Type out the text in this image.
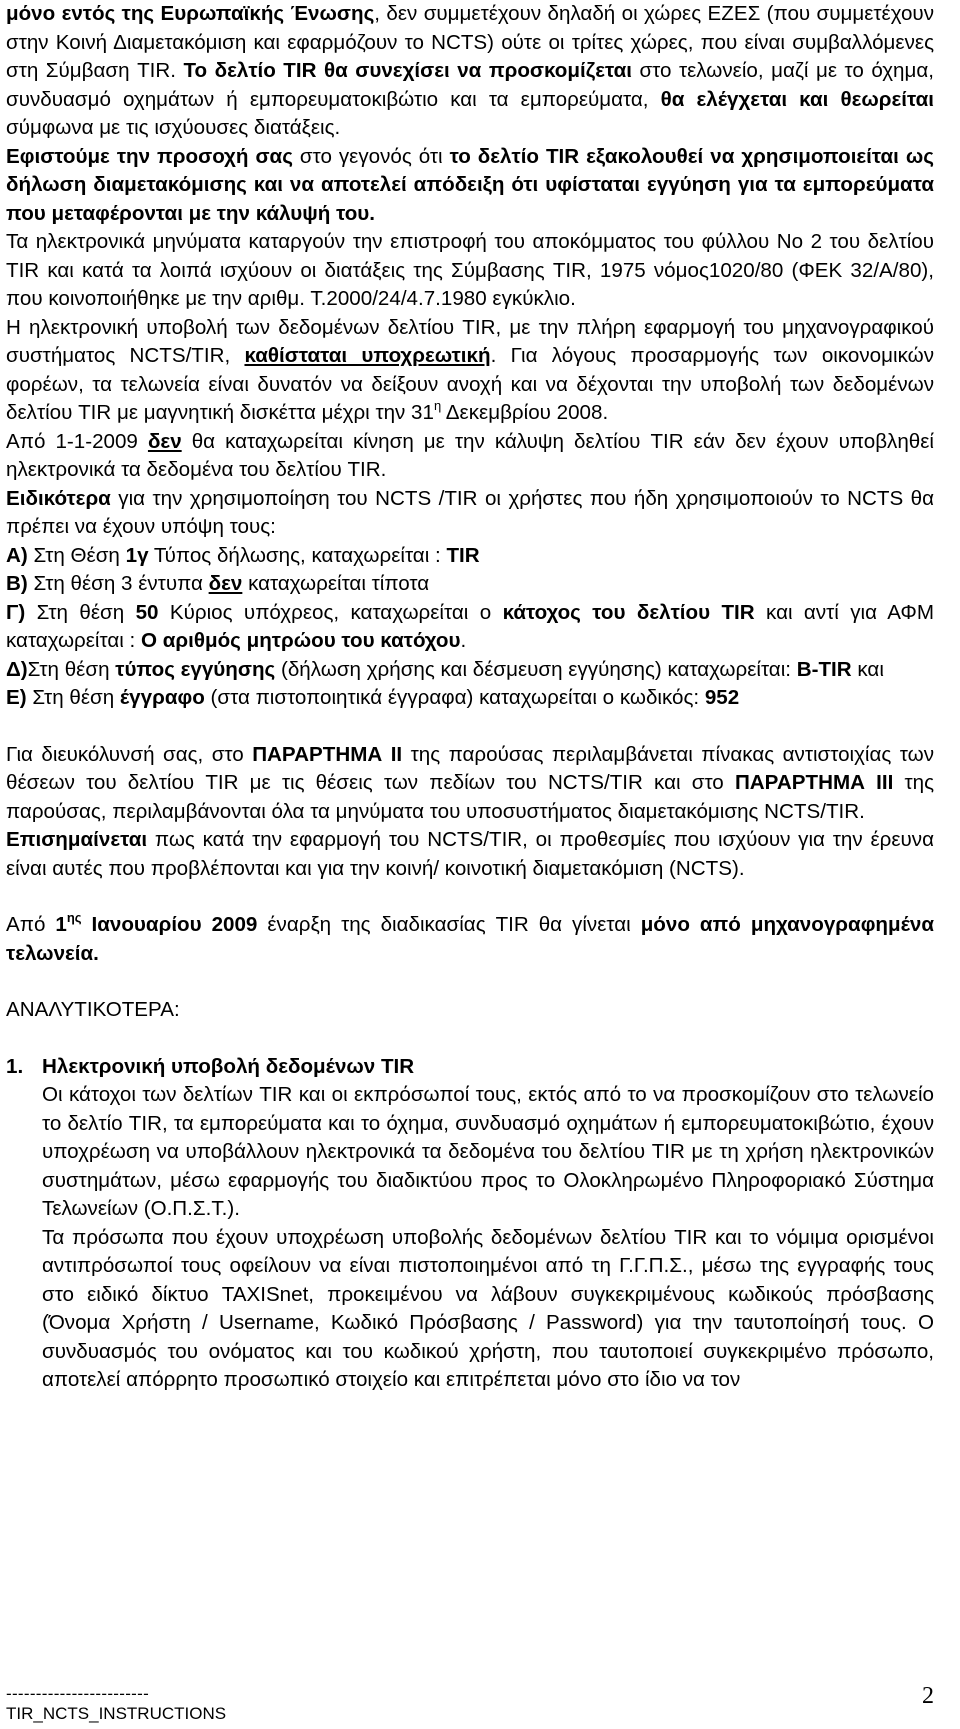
μόνο εντός της Ευρωπαϊκής Ένωσης, δεν συμμετέχουν δηλαδή οι χώρες ΕΖΕΣ (που συμμετέχουν στην Κοινή Διαμετακόμιση και εφαρμόζουν το NCTS) ούτε οι τρίτες χώρες, που είναι συμβαλλόμενες στη Σύμβαση TIR. Το δελτίο TIR θα συνεχίσει να προσκομίζεται στο τελωνείο, μαζί με το όχημα, συνδυασμό οχημάτων ή εμπορευματοκιβώτιο και τα εμπορεύματα, θα ελέγχεται και θεωρείται σύμφωνα με τις ισχύουσες διατάξεις.

Εφιστούμε την προσοχή σας στο γεγονός ότι το δελτίο TIR εξακολουθεί να χρησιμοποιείται ως δήλωση διαμετακόμισης και να αποτελεί απόδειξη ότι υφίσταται εγγύηση για τα εμπορεύματα που μεταφέρονται με την κάλυψή του.

Τα ηλεκτρονικά μηνύματα καταργούν την επιστροφή του αποκόμματος του φύλλου Νο 2 του δελτίου TIR και κατά τα λοιπά ισχύουν οι διατάξεις της Σύμβασης TIR, 1975 νόμος1020/80 (ΦΕΚ 32/Α/80), που κοινοποιήθηκε με την αριθμ. Τ.2000/24/4.7.1980 εγκύκλιο.

Η ηλεκτρονική υποβολή των δεδομένων δελτίου TIR, με την πλήρη εφαρμογή του μηχανογραφικού συστήματος NCTS/TIR, καθίσταται υποχρεωτική. Για λόγους προσαρμογής των οικονομικών φορέων, τα τελωνεία είναι δυνατόν να δείξουν ανοχή και να δέχονται την υποβολή των δεδομένων δελτίου TIR με μαγνητική δισκέττα μέχρι την $31^\eta$ Δεκεμβρίου 2008.

Από 1-1-2009 δεν θα καταχωρείται κίνηση με την κάλυψη δελτίου TIR εάν δεν έχουν υποβληθεί ηλεκτρονικά τα δεδομένα του δελτίου TIR.

Ειδικότερα για την χρησιμοποίηση του NCTS /TIR οι χρήστες που ήδη χρησιμοποιούν το NCTS θα πρέπει να έχουν υπόψη τους:

Α) Στη Θέση 1γ Τύπος δήλωσης, καταχωρείται : TIR

Β) Στη θέση 3 έντυπα δεν καταχωρείται τίποτα

Γ) Στη θέση 50 Κύριος υπόχρεος, καταχωρείται ο κάτοχος του δελτίου TIR και αντί για ΑΦΜ καταχωρείται : Ο αριθμός μητρώου του κατόχου.

Δ)Στη θέση τύπος εγγύησης (δήλωση χρήσης και δέσμευση εγγύησης) καταχωρείται: B-TIR και

Ε) Στη θέση έγγραφο (στα πιστοποιητικά έγγραφα) καταχωρείται ο κωδικός: 952

Για διευκόλυνσή σας, στο ΠΑΡΑΡΤΗΜΑ ΙΙ της παρούσας περιλαμβάνεται πίνακας αντιστοιχίας των θέσεων του δελτίου TIR με τις θέσεις των πεδίων του NCTS/TIR και στο ΠΑΡΑΡΤΗΜΑ ΙΙΙ της παρούσας, περιλαμβάνονται όλα τα μηνύματα του υποσυστήματος διαμετακόμισης NCTS/TIR.

Επισημαίνεται πως κατά την εφαρμογή του NCTS/TIR, οι προθεσμίες που ισχύουν για την έρευνα είναι αυτές που προβλέπονται και για την κοινή/ κοινοτική διαμετακόμιση (NCTS).

Από $1^{\eta\varsigma}$ Ιανουαρίου 2009 έναρξη της διαδικασίας TIR θα γίνεται μόνο από μηχανογραφημένα τελωνεία.

ΑΝΑΛΥΤΙΚΟΤΕΡΑ:

1. Ηλεκτρονική υποβολή δεδομένων TIR

Οι κάτοχοι των δελτίων TIR και οι εκπρόσωποί τους, εκτός από το να προσκομίζουν στο τελωνείο το δελτίο TIR, τα εμπορεύματα και το όχημα, συνδυασμό οχημάτων ή εμπορευματοκιβώτιο, έχουν υποχρέωση να υποβάλλουν ηλεκτρονικά τα δεδομένα του δελτίου TIR με τη χρήση ηλεκτρονικών συστημάτων, μέσω εφαρμογής του διαδικτύου προς το Ολοκληρωμένο Πληροφοριακό Σύστημα Τελωνείων (Ο.Π.Σ.Τ.).

Τα πρόσωπα που έχουν υποχρέωση υποβολής δεδομένων δελτίου TIR και το νόμιμα ορισμένοι αντιπρόσωποί τους οφείλουν να είναι πιστοποιημένοι από τη Γ.Γ.Π.Σ., μέσω της εγγραφής τους στο ειδικό δίκτυο TAXISnet, προκειμένου να λάβουν συγκεκριμένους κωδικούς πρόσβασης (Όνομα Χρήστη / Username, Κωδικό Πρόσβασης / Password) για την ταυτοποίησή τους. Ο συνδυασμός του ονόματος και του κωδικού χρήστη, που ταυτοποιεί συγκεκριμένο πρόσωπο, αποτελεί απόρρητο προσωπικό στοιχείο και επιτρέπεται μόνο στο ίδιο να τον

------------------------
TIR_NCTS_INSTRUCTIONS
2
